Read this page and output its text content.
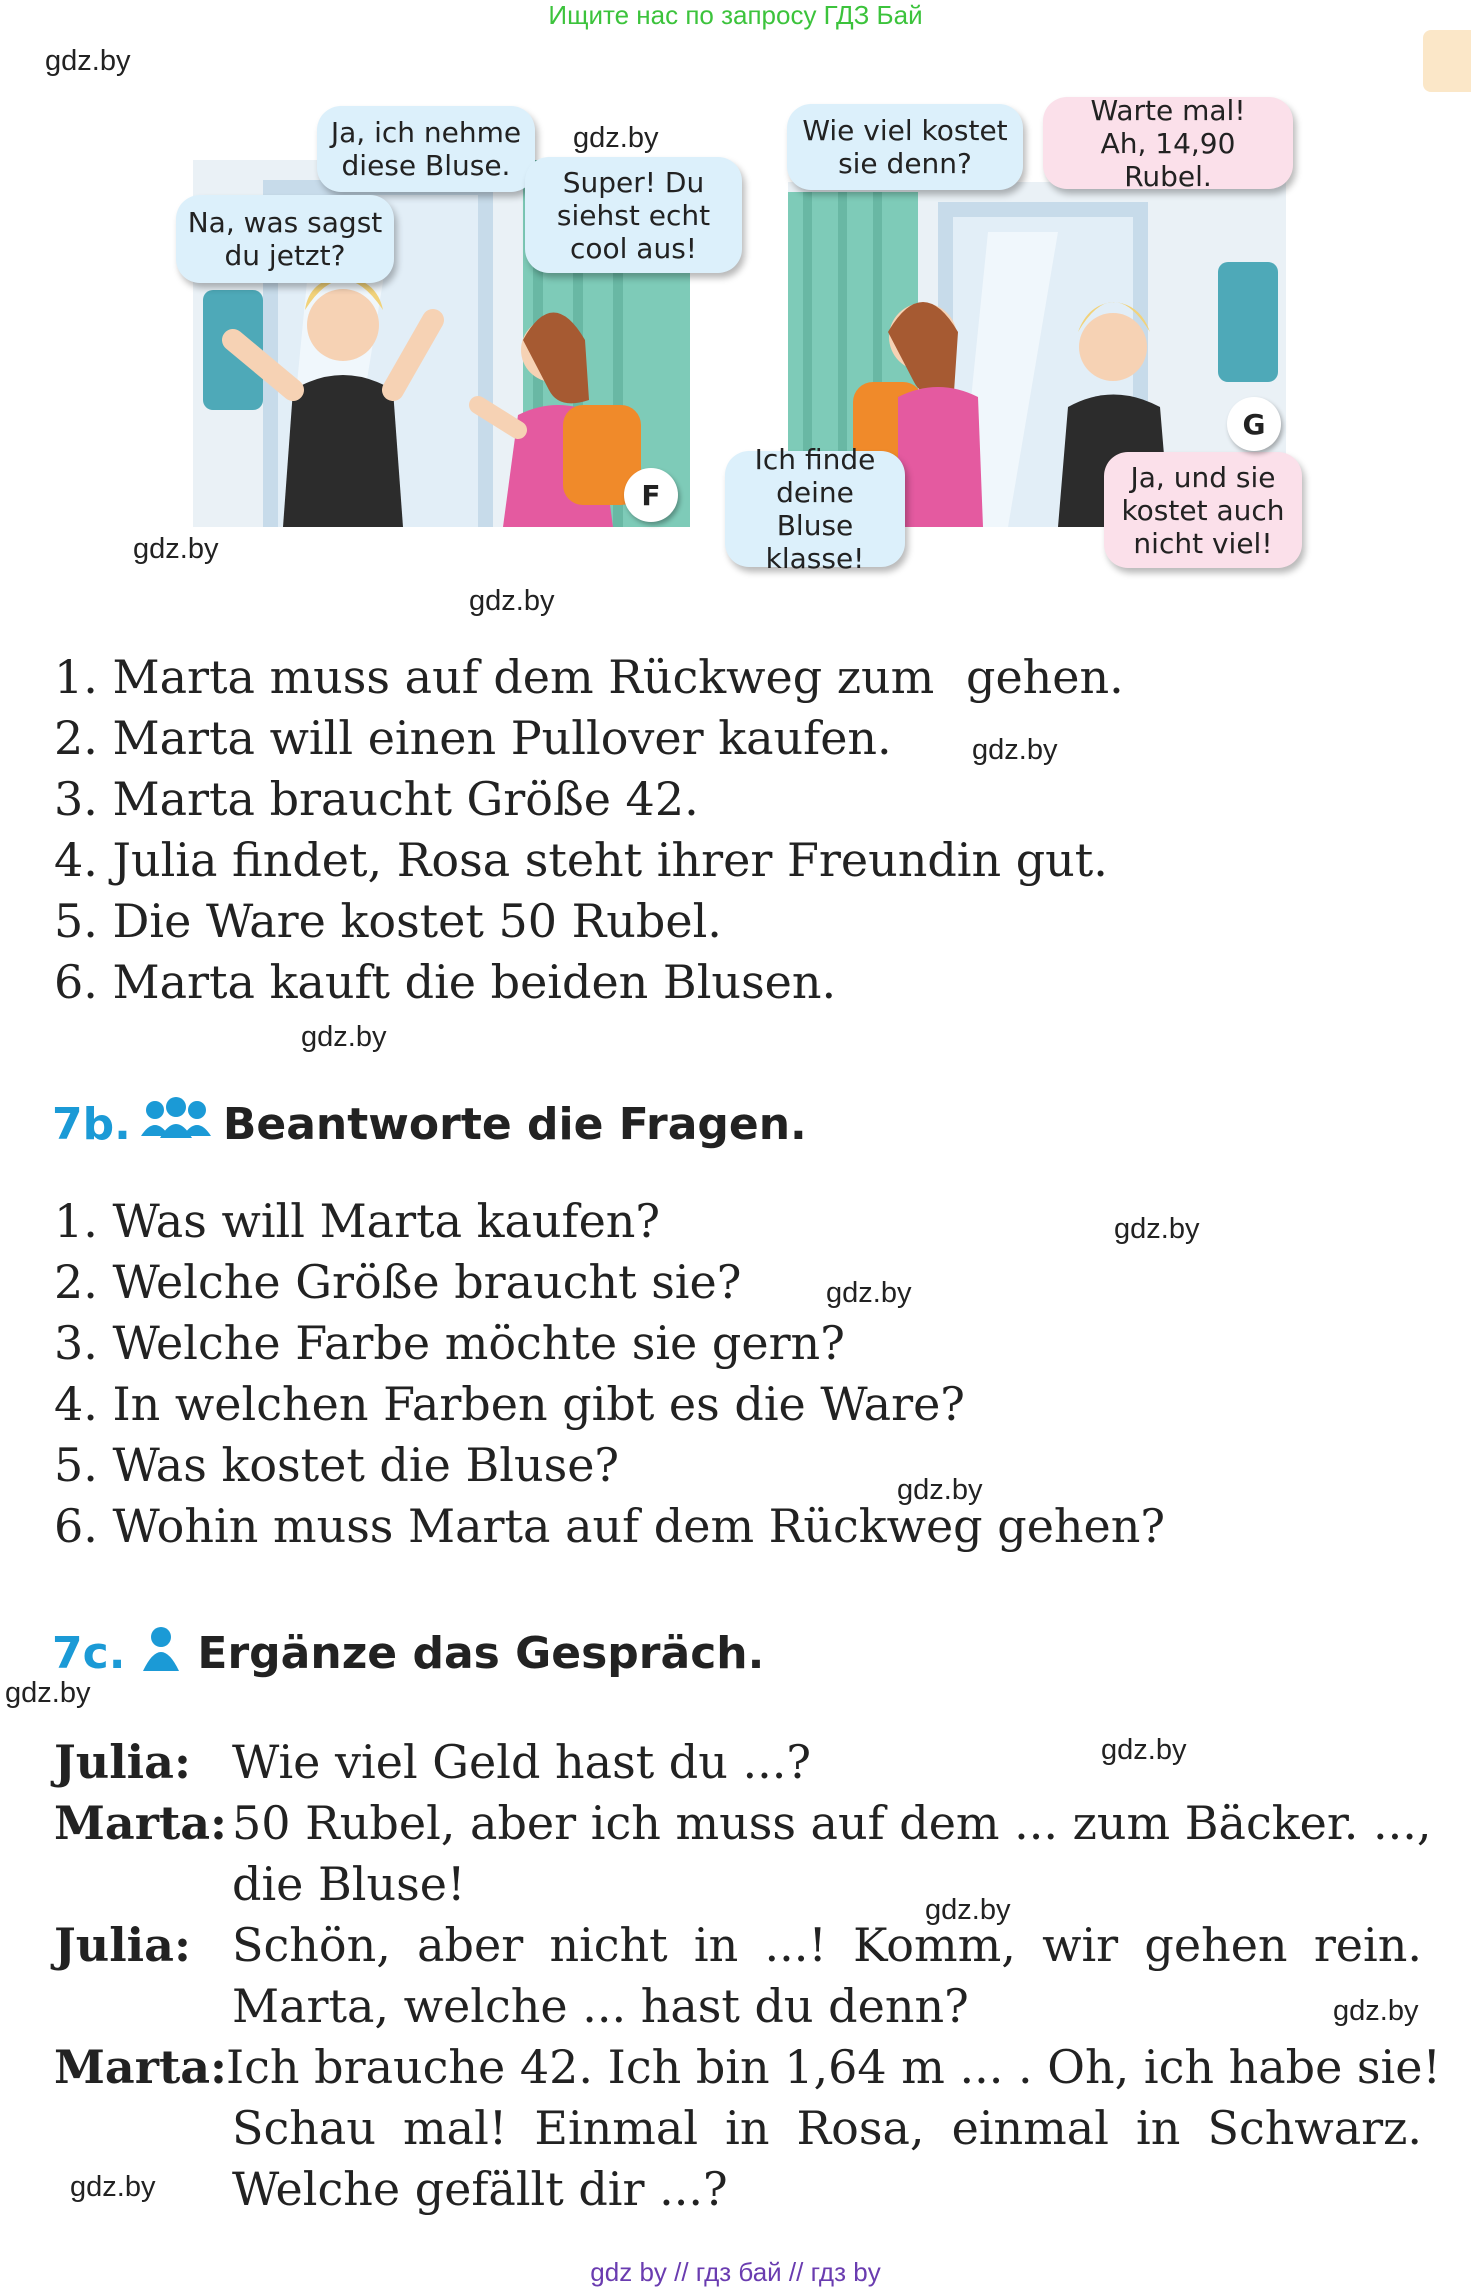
Ищите нас по запросу ГДЗ Бай
gdz.by
gdz.by
gdz.by
gdz.by
gdz.by
gdz.by
gdz.by
gdz.by
gdz.by
gdz.by
gdz.by
gdz.by
gdz.by
gdz.by
Ja, ich nehme
diese Bluse.
Na, was sagst
du jetzt?
Super! Du
siehst echt
cool aus!
F
Wie viel kostet
sie denn?
Warte mal!
Ah, 14,90 Rubel.
Ich finde
deine Bluse
klasse!
Ja, und sie
kostet auch
nicht viel!
G
1. Marta muss auf dem Rückweg zum gehen.
2. Marta will einen Pullover kaufen.
3. Marta braucht Größe 42.
4. Julia findet, Rosa steht ihrer Freundin gut.
5. Die Ware kostet 50 Rubel.
6. Marta kauft die beiden Blusen.
7b. Beantworte die Fragen.
1. Was will Marta kaufen?
2. Welche Größe braucht sie?
3. Welche Farbe möchte sie gern?
4. In welchen Farben gibt es die Ware?
5. Was kostet die Bluse?
6. Wohin muss Marta auf dem Rückweg gehen?
7c. Ergänze das Gespräch.
Julia: Wie viel Geld hast du ...?
Marta: 50 Rubel, aber ich muss auf dem ... zum Bäcker. ...,
die Bluse!
Julia: Schön, aber nicht in ...! Komm, wir gehen rein.
Marta, welche ... hast du denn?
Marta: Ich brauche 42. Ich bin 1,64 m ... . Oh, ich habe sie!
Schau mal! Einmal in Rosa, einmal in Schwarz.
Welche gefällt dir ...?
gdz by // гдз бай // гдз by
